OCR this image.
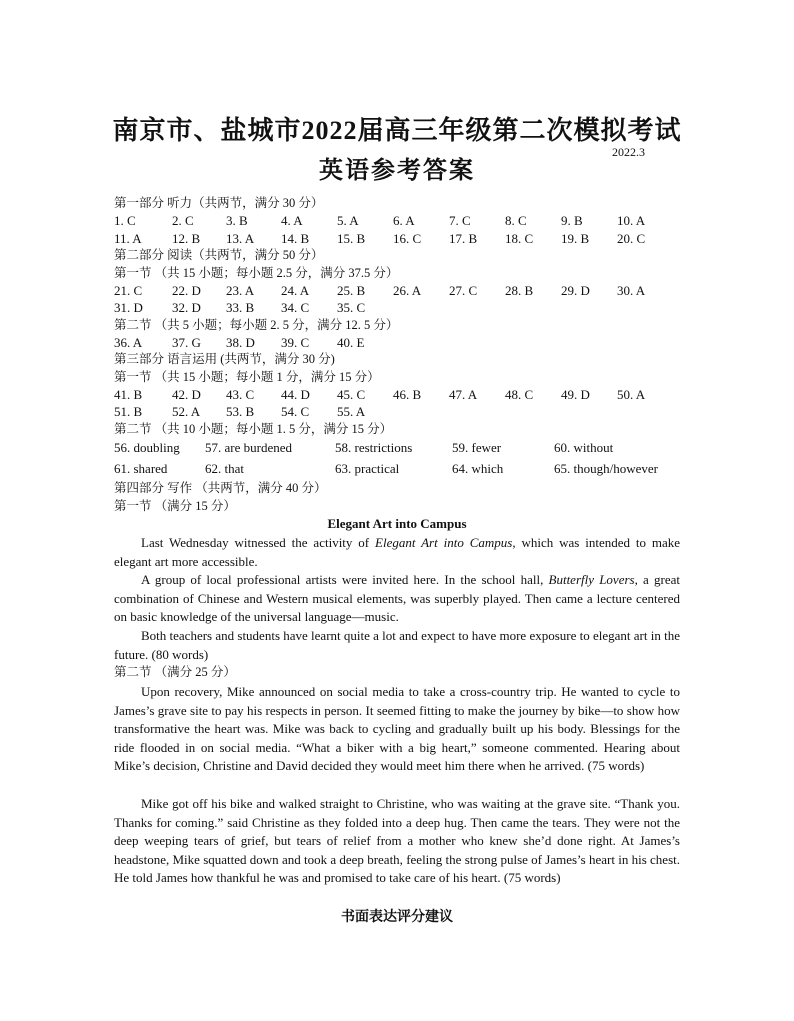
南京市、盐城市2022届高三年级第二次模拟考试
英语参考答案
2022.3
第一部分 听力（共两节，满分 30 分）
1. C	2. C 3. B	4. A	5. A	6. A	7. C	8. C	9. B	10. A
11. A 12. B 13. A 14. B 15. B 16. C 17. B 18. C 19. B 20. C
第二部分 阅读（共两节，满分 50 分）
第一节 （共 15 小题；每小题 2.5 分，满分 37.5 分）
21. C 22. D 23. A 24. A 25. B 26. A 27. C 28. B 29. D 30. A
31. D 32. D 33. B 34. C 35. C
第二节 （共 5 小题；每小题 2. 5 分，满分 12. 5 分）
36. A 37. G 38. D 39. C 40. E
第三部分 语言运用 (共两节，满分 30 分)
第一节 （共 15 小题；每小题 1 分，满分 15 分）
41. B 42. D 43. C 44. D 45. C 46. B 47. A 48. C 49. D 50. A
51. B 52. A 53. B 54. C 55. A
第二节 （共 10 小题；每小题 1. 5 分，满分 15 分）
56. doubling 57. are burdened	58. restrictions	59. fewer	60. without
61. shared	62. that	63. practical	64. which	65. though/however
第四部分 写作 （共两节，满分 40 分）
第一节 （满分 15 分）
Elegant Art into Campus
Last Wednesday witnessed the activity of Elegant Art into Campus, which was intended to make elegant art more accessible.
A group of local professional artists were invited here. In the school hall, Butterfly Lovers, a great combination of Chinese and Western musical elements, was superbly played. Then came a lecture centered on basic knowledge of the universal language—music.
Both teachers and students have learnt quite a lot and expect to have more exposure to elegant art in the future. (80 words)
第二节 （满分 25 分）
Upon recovery, Mike announced on social media to take a cross-country trip. He wanted to cycle to James’s grave site to pay his respects in person. It seemed fitting to make the journey by bike—to show how transformative the heart was. Mike was back to cycling and gradually built up his body. Blessings for the ride flooded in on social media. “What a biker with a big heart,” someone commented. Hearing about Mike’s decision, Christine and David decided they would meet him there when he arrived. (75 words)
Mike got off his bike and walked straight to Christine, who was waiting at the grave site. “Thank you. Thanks for coming.” said Christine as they folded into a deep hug. Then came the tears. They were not the deep weeping tears of grief, but tears of relief from a mother who knew she’d done right. At James’s headstone, Mike squatted down and took a deep breath, feeling the strong pulse of James’s heart in his chest. He told James how thankful he was and promised to take care of his heart. (75 words)
书面表达评分建议
